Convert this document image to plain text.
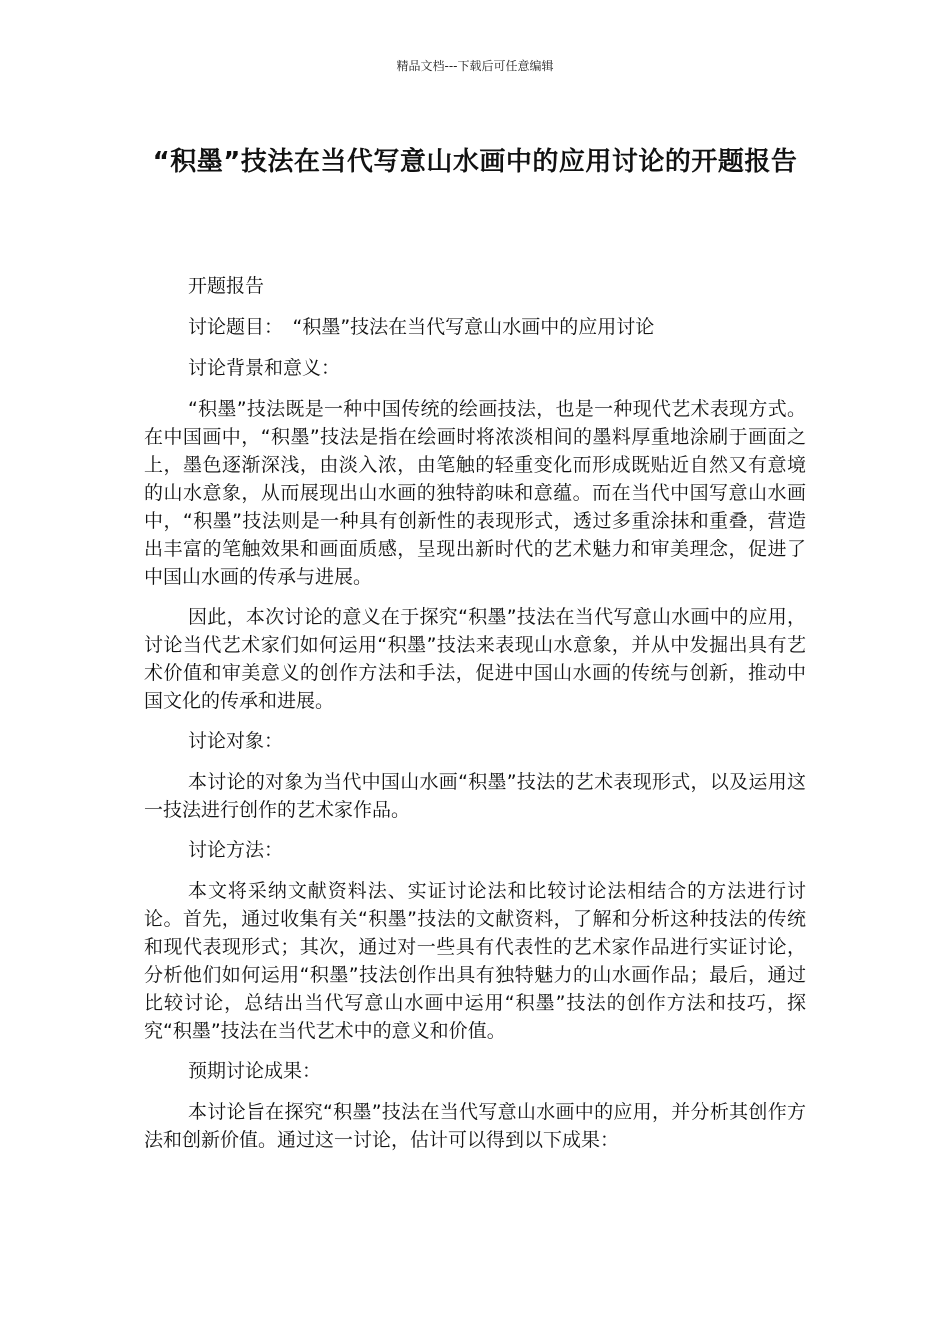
精品文档---下载后可任意编辑
“积墨”技法在当代写意山水画中的应用讨论的开题报告

开题报告

讨论题目：　“积墨”技法在当代写意山水画中的应用讨论

讨论背景和意义：

“积墨”技法既是一种中国传统的绘画技法，也是一种现代艺术表现方式。在中国画中，“积墨”技法是指在绘画时将浓淡相间的墨料厚重地涂刷于画面之上，墨色逐渐深浅，由淡入浓，由笔触的轻重变化而形成既贴近自然又有意境的山水意象，从而展现出山水画的独特韵味和意蕴。而在当代中国写意山水画中，“积墨”技法则是一种具有创新性的表现形式，透过多重涂抹和重叠，营造出丰富的笔触效果和画面质感，呈现出新时代的艺术魅力和审美理念，促进了中国山水画的传承与进展。

因此，本次讨论的意义在于探究“积墨”技法在当代写意山水画中的应用，讨论当代艺术家们如何运用“积墨”技法来表现山水意象，并从中发掘出具有艺术价值和审美意义的创作方法和手法，促进中国山水画的传统与创新，推动中国文化的传承和进展。

讨论对象：

本讨论的对象为当代中国山水画“积墨”技法的艺术表现形式，以及运用这一技法进行创作的艺术家作品。

讨论方法：

本文将采纳文献资料法、实证讨论法和比较讨论法相结合的方法进行讨论。首先，通过收集有关“积墨”技法的文献资料，了解和分析这种技法的传统和现代表现形式；其次，通过对一些具有代表性的艺术家作品进行实证讨论，分析他们如何运用“积墨”技法创作出具有独特魅力的山水画作品；最后，通过比较讨论，总结出当代写意山水画中运用“积墨”技法的创作方法和技巧，探究“积墨”技法在当代艺术中的意义和价值。

预期讨论成果：

本讨论旨在探究“积墨”技法在当代写意山水画中的应用，并分析其创作方法和创新价值。通过这一讨论，估计可以得到以下成果：
